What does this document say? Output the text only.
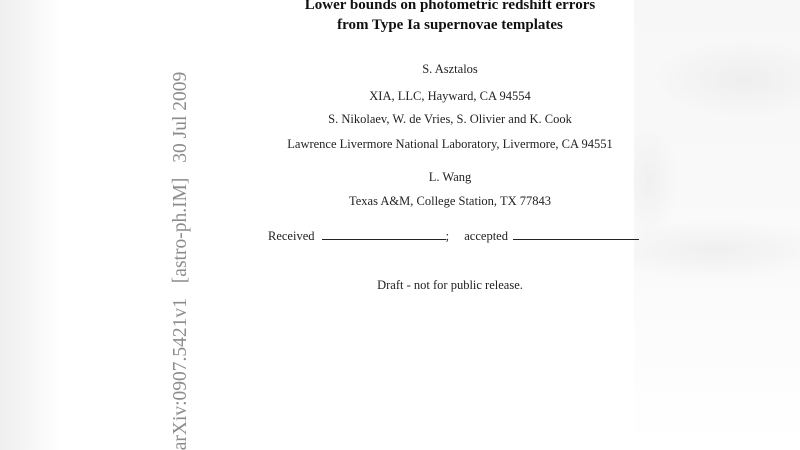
arXiv:0907.5421v1 [astro-ph.IM] 30 Jul 2009
Lower bounds on photometric redshift errors
from Type Ia supernovae templates
S. Asztalos
XIA, LLC, Hayward, CA 94554
S. Nikolaev, W. de Vries, S. Olivier and K. Cook
Lawrence Livermore National Laboratory, Livermore, CA 94551
L. Wang
Texas A&M, College Station, TX 77843
Received	; accepted
Draft - not for public release.
